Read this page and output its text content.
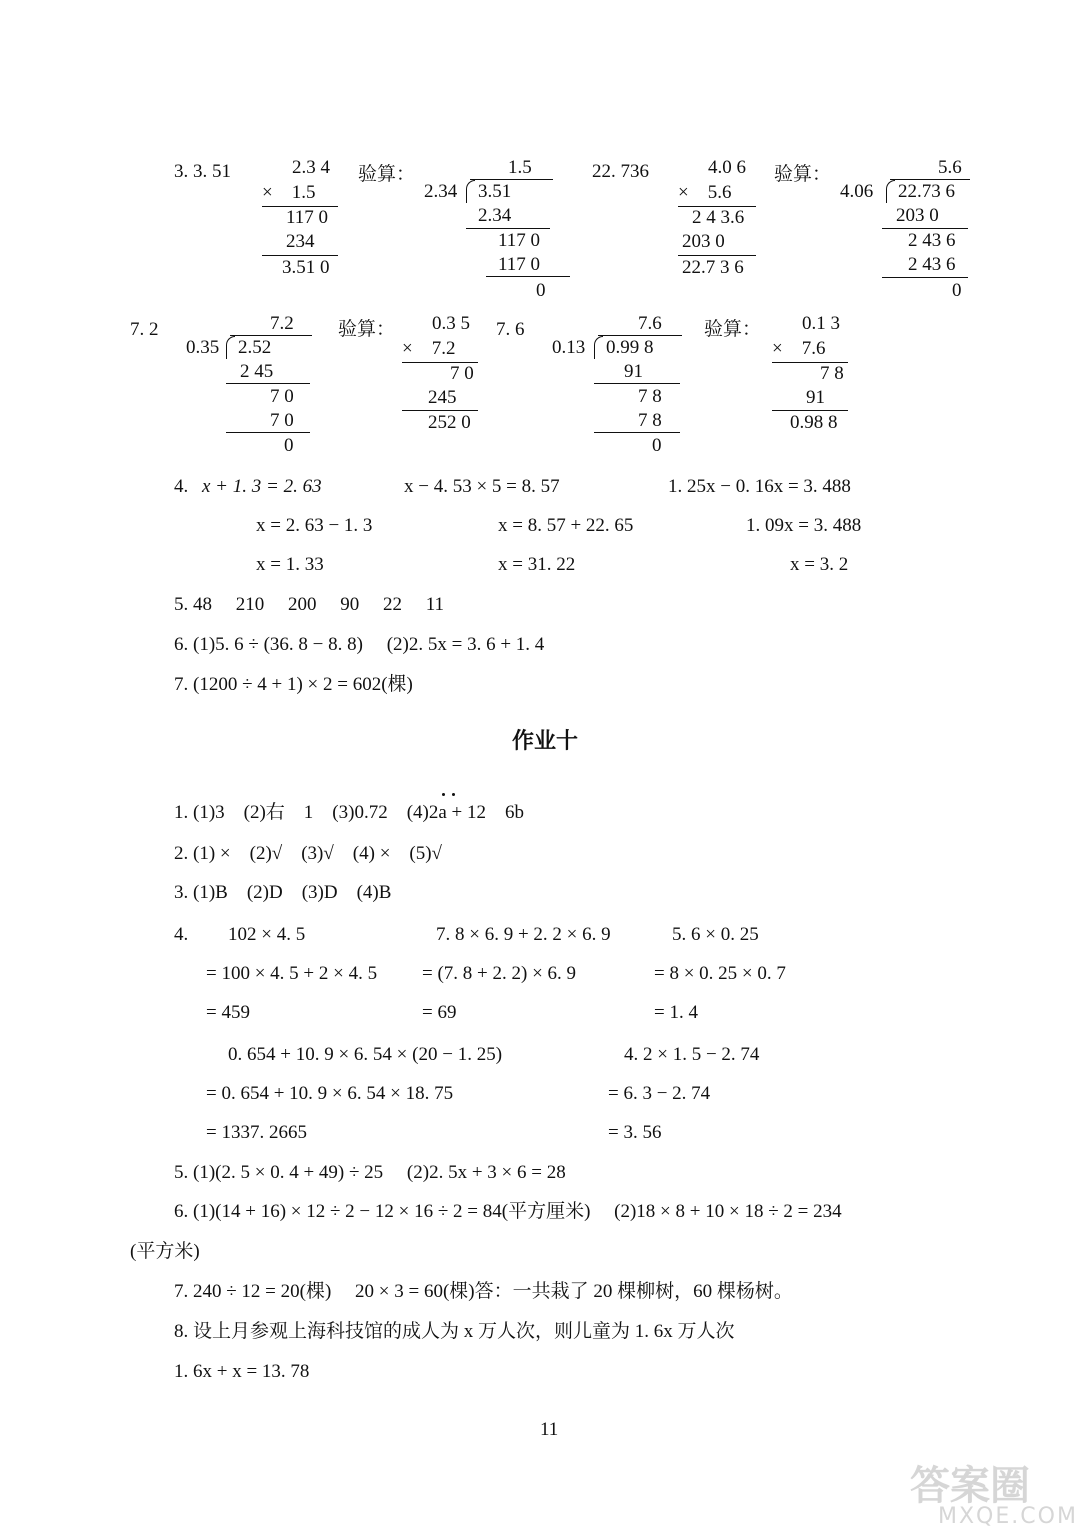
3. 3. 51	2.3 4
×    1.5
117 0
234
3.51 0
验算：	1.5
2.34 3.51
2.34
117 0
117 0
0
22. 736	4.0 6
×    5.6
2 4 3.6
203 0
22.7 3 6
验算：	5.6
4.06 22.73 6
203 0
2 43 6
2 43 6
0
7. 2	7.2
0.35 2.52
2 45
7 0
7 0
0
验算： 0.3 5
×    7.2
7 0
245
252 0
7. 6	7.6
0.13 0.99 8
91
7 8
7 8
0
验算： 0.1 3
×    7.6
7 8
91
0.98 8
4. x + 1. 3 = 2. 63
x = 2. 63 − 1. 3
x = 1. 33
x − 4. 53 × 5 = 8. 57
x = 8. 57 + 22. 65
x = 31. 22
1. 25x − 0. 16x = 3. 488
1. 09x = 3. 488
x = 3. 2
5. 48     210     200     90     22     11
6. (1)5. 6 ÷ (36. 8 − 8. 8)     (2)2. 5x = 3. 6 + 1. 4
7. (1200 ÷ 4 + 1) × 2 = 602(棵)
作业十
1. (1)3    (2)右    1    (3)0.72    (4)2a + 12    6b
2. (1) ×    (2)√    (3)√    (4) ×    (5)√
3. (1)B    (2)D    (3)D    (4)B
4. 102 × 4. 5
= 100 × 4. 5 + 2 × 4. 5
= 459
7. 8 × 6. 9 + 2. 2 × 6. 9
= (7. 8 + 2. 2) × 6. 9
= 69
5. 6 × 0. 25
= 8 × 0. 25 × 0. 7
= 1. 4
0. 654 + 10. 9 × 6. 54 × (20 − 1. 25)
= 0. 654 + 10. 9 × 6. 54 × 18. 75
= 1337. 2665
4. 2 × 1. 5 − 2. 74
= 6. 3 − 2. 74
= 3. 56
5. (1)(2. 5 × 0. 4 + 49) ÷ 25     (2)2. 5x + 3 × 6 = 28
6. (1)(14 + 16) × 12 ÷ 2 − 12 × 16 ÷ 2 = 84(平方厘米)     (2)18 × 8 + 10 × 18 ÷ 2 = 234
(平方米)
7. 240 ÷ 12 = 20(棵)     20 × 3 = 60(棵)答：一共栽了 20 棵柳树，60 棵杨树。
8. 设上月参观上海科技馆的成人为 x 万人次，则儿童为 1. 6x 万人次
1. 6x + x = 13. 78
11
答案圈
MXQE.COM
